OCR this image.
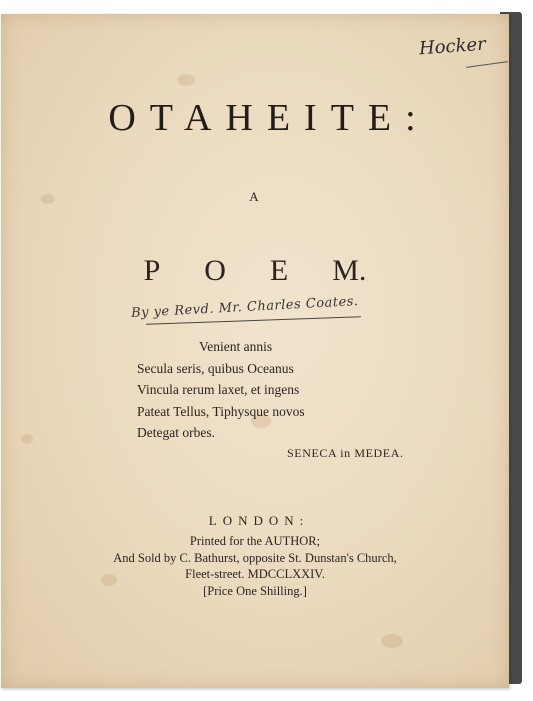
Hocker
OTAHEITE:
A
P O E M.
By ye Revd. Mr. Charles Coates.
Venient annis
Secula seris, quibus Oceanus
Vincula rerum laxet, et ingens
Pateat Tellus, Tiphysque novos
Detegat orbes.
SENECA in MEDEA.
LONDON:
Printed for the AUTHOR;
And Sold by C. Bathurst, opposite St. Dunstan's Church,
Fleet-street. MDCCLXXIV.
[Price One Shilling.]
